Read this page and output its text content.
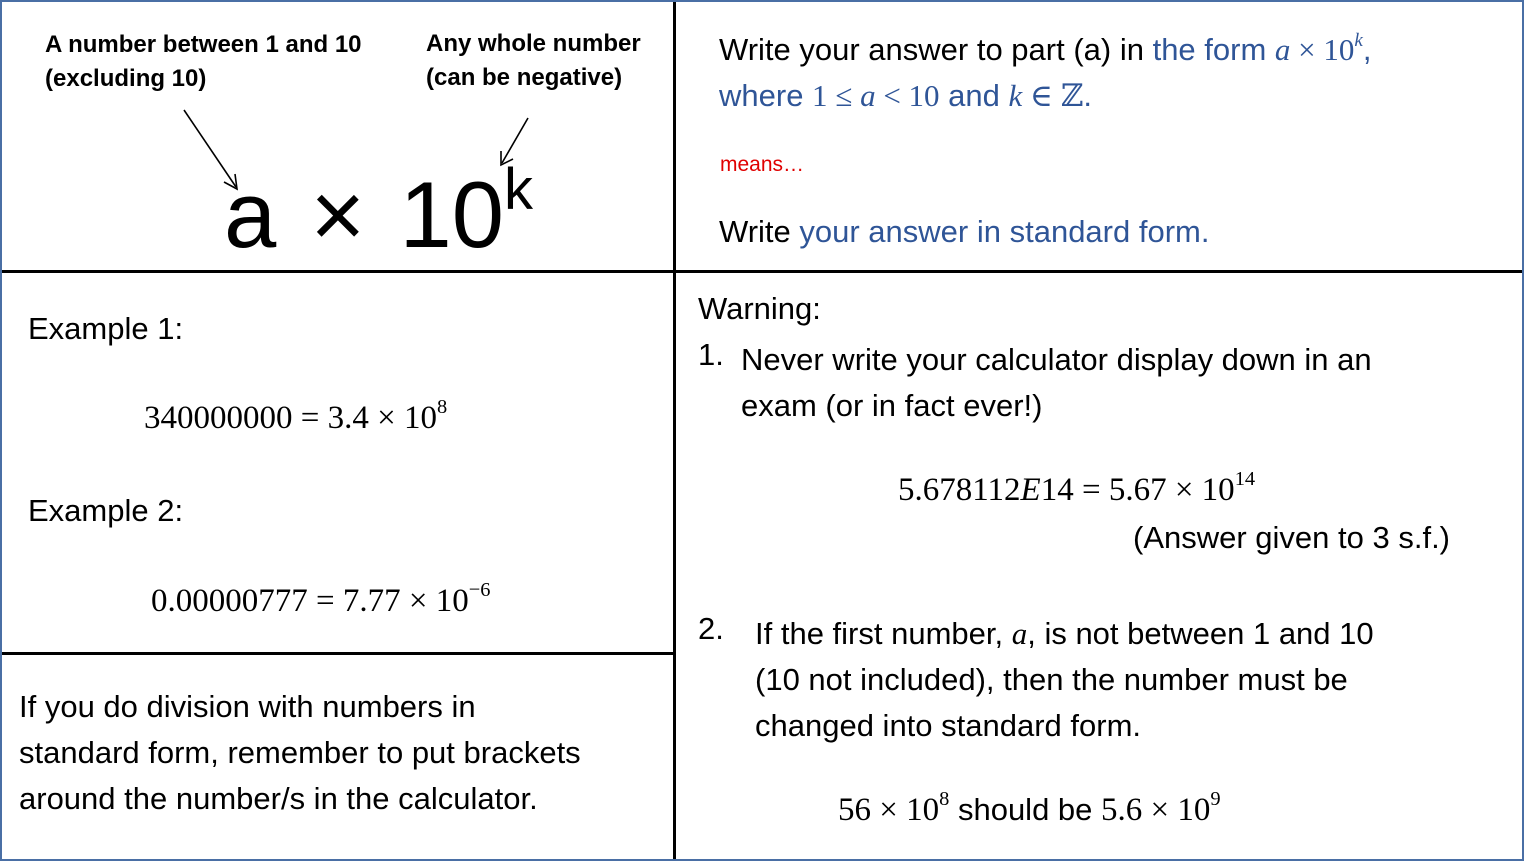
A number between 1 and 10
(excluding 10)
Any whole number
(can be negative)
$a \times 10^k$
Write your answer to part (a) in the form $a \times 10^k$,
where 1 ≤ a < 10 and k ∈ ℤ.
means…
Write your answer in standard form.
Example 1:
$340000000 = 3.4 \times 10^8$
Example 2:
$0.00000777 = 7.77 \times 10^{-6}$
If you do division with numbers in
standard form, remember to put brackets
around the number/s in the calculator.
Warning:
1. Never write your calculator display down in an
exam (or in fact ever!)
$5.678112E14 = 5.67 \times 10^{14}$
(Answer given to 3 s.f.)
2. If the first number, a, is not between 1 and 10
(10 not included), then the number must be
changed into standard form.
$56 \times 10^8$ should be $5.6 \times 10^9$
